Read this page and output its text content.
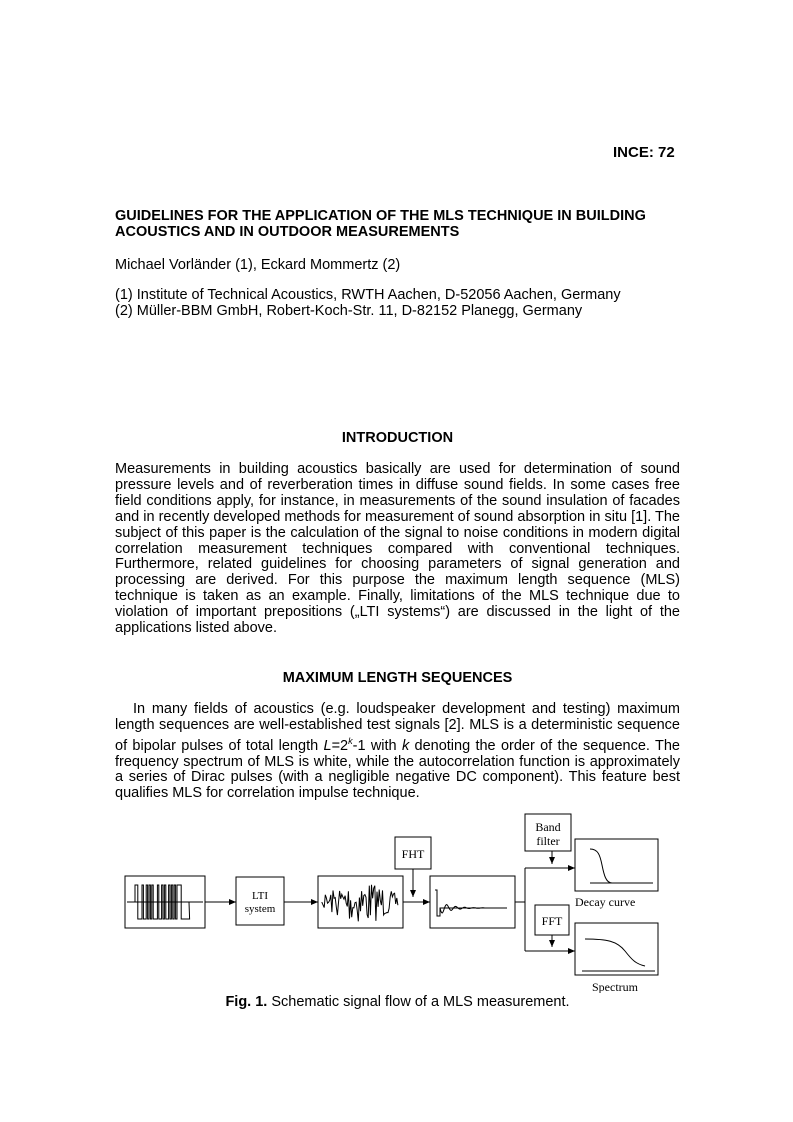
INCE: 72
GUIDELINES FOR THE APPLICATION OF THE MLS TECHNIQUE IN BUILDING ACOUSTICS AND IN OUTDOOR MEASUREMENTS
Michael Vorländer (1), Eckard Mommertz (2)
(1) Institute of Technical Acoustics, RWTH Aachen, D-52056 Aachen, Germany
(2) Müller-BBM GmbH, Robert-Koch-Str. 11, D-82152 Planegg, Germany
INTRODUCTION

Measurements in building acoustics basically are used for determination of sound pressure levels and of reverberation times in diffuse sound fields. In some cases free field conditions apply, for instance, in measurements of the sound insulation of facades and in recently developed methods for measurement of sound absorption in situ [1]. The subject of this paper is the calculation of the signal to noise conditions in modern digital correlation measurement techniques compared with conventional techniques. Furthermore, related guidelines for choosing parameters of signal generation and processing are derived. For this purpose the maximum length sequence (MLS) technique is taken as an example. Finally, limitations of the MLS technique due to violation of important prepositions („LTI systems“) are discussed in the light of the applications listed above.

MAXIMUM LENGTH SEQUENCES

In many fields of acoustics (e.g. loudspeaker development and testing) maximum length sequences are well-established test signals [2]. MLS is a deterministic sequence of bipolar pulses of total length $L=2^k-1$ with k denoting the order of the sequence. The frequency spectrum of MLS is white, while the autocorrelation function is approximately a series of Dirac pulses (with a negligible negative DC component). This feature best qualifies MLS for correlation impulse technique.

LTI
system
FHT
Band
filter
Decay curve
FFT
Spectrum
Fig. 1. Schematic signal flow of a MLS measurement.
